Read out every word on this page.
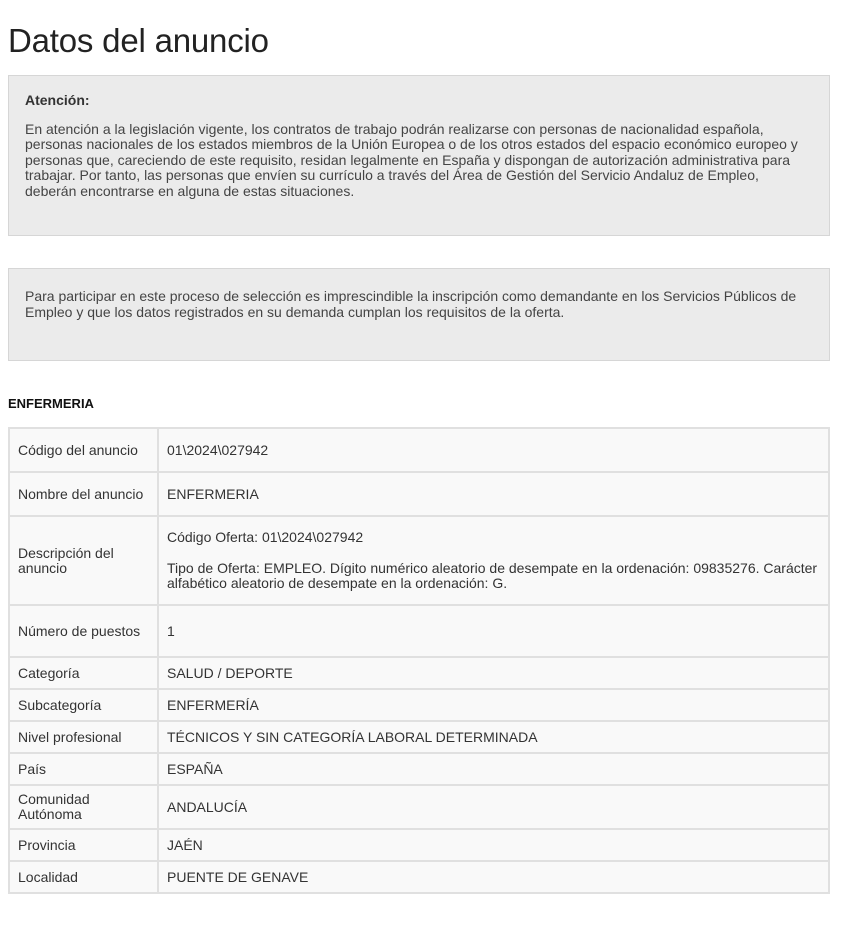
Datos del anuncio

Atención:

En atención a la legislación vigente, los contratos de trabajo podrán realizarse con personas de nacionalidad española, personas nacionales de los estados miembros de la Unión Europea o de los otros estados del espacio económico europeo y personas que, careciendo de este requisito, residan legalmente en España y dispongan de autorización administrativa para trabajar. Por tanto, las personas que envíen su currículo a través del Área de Gestión del Servicio Andaluz de Empleo, deberán encontrarse en alguna de estas situaciones.

Para participar en este proceso de selección es imprescindible la inscripción como demandante en los Servicios Públicos de Empleo y que los datos registrados en su demanda cumplan los requisitos de la oferta.

ENFERMERIA
Código del anuncio	01\2024\027942
Nombre del anuncio	ENFERMERIA
Descripción del anuncio	Código Oferta: 01\2024\027942
Tipo de Oferta: EMPLEO. Dígito numérico aleatorio de desempate en la ordenación: 09835276. Carácter alfabético aleatorio de desempate en la ordenación: G.

Número de puestos	1
Categoría	SALUD / DEPORTE
Subcategoría	ENFERMERÍA
Nivel profesional	TÉCNICOS Y SIN CATEGORÍA LABORAL DETERMINADA
País	ESPAÑA
Comunidad Autónoma	ANDALUCÍA
Provincia	JAÉN
Localidad	PUENTE DE GENAVE
